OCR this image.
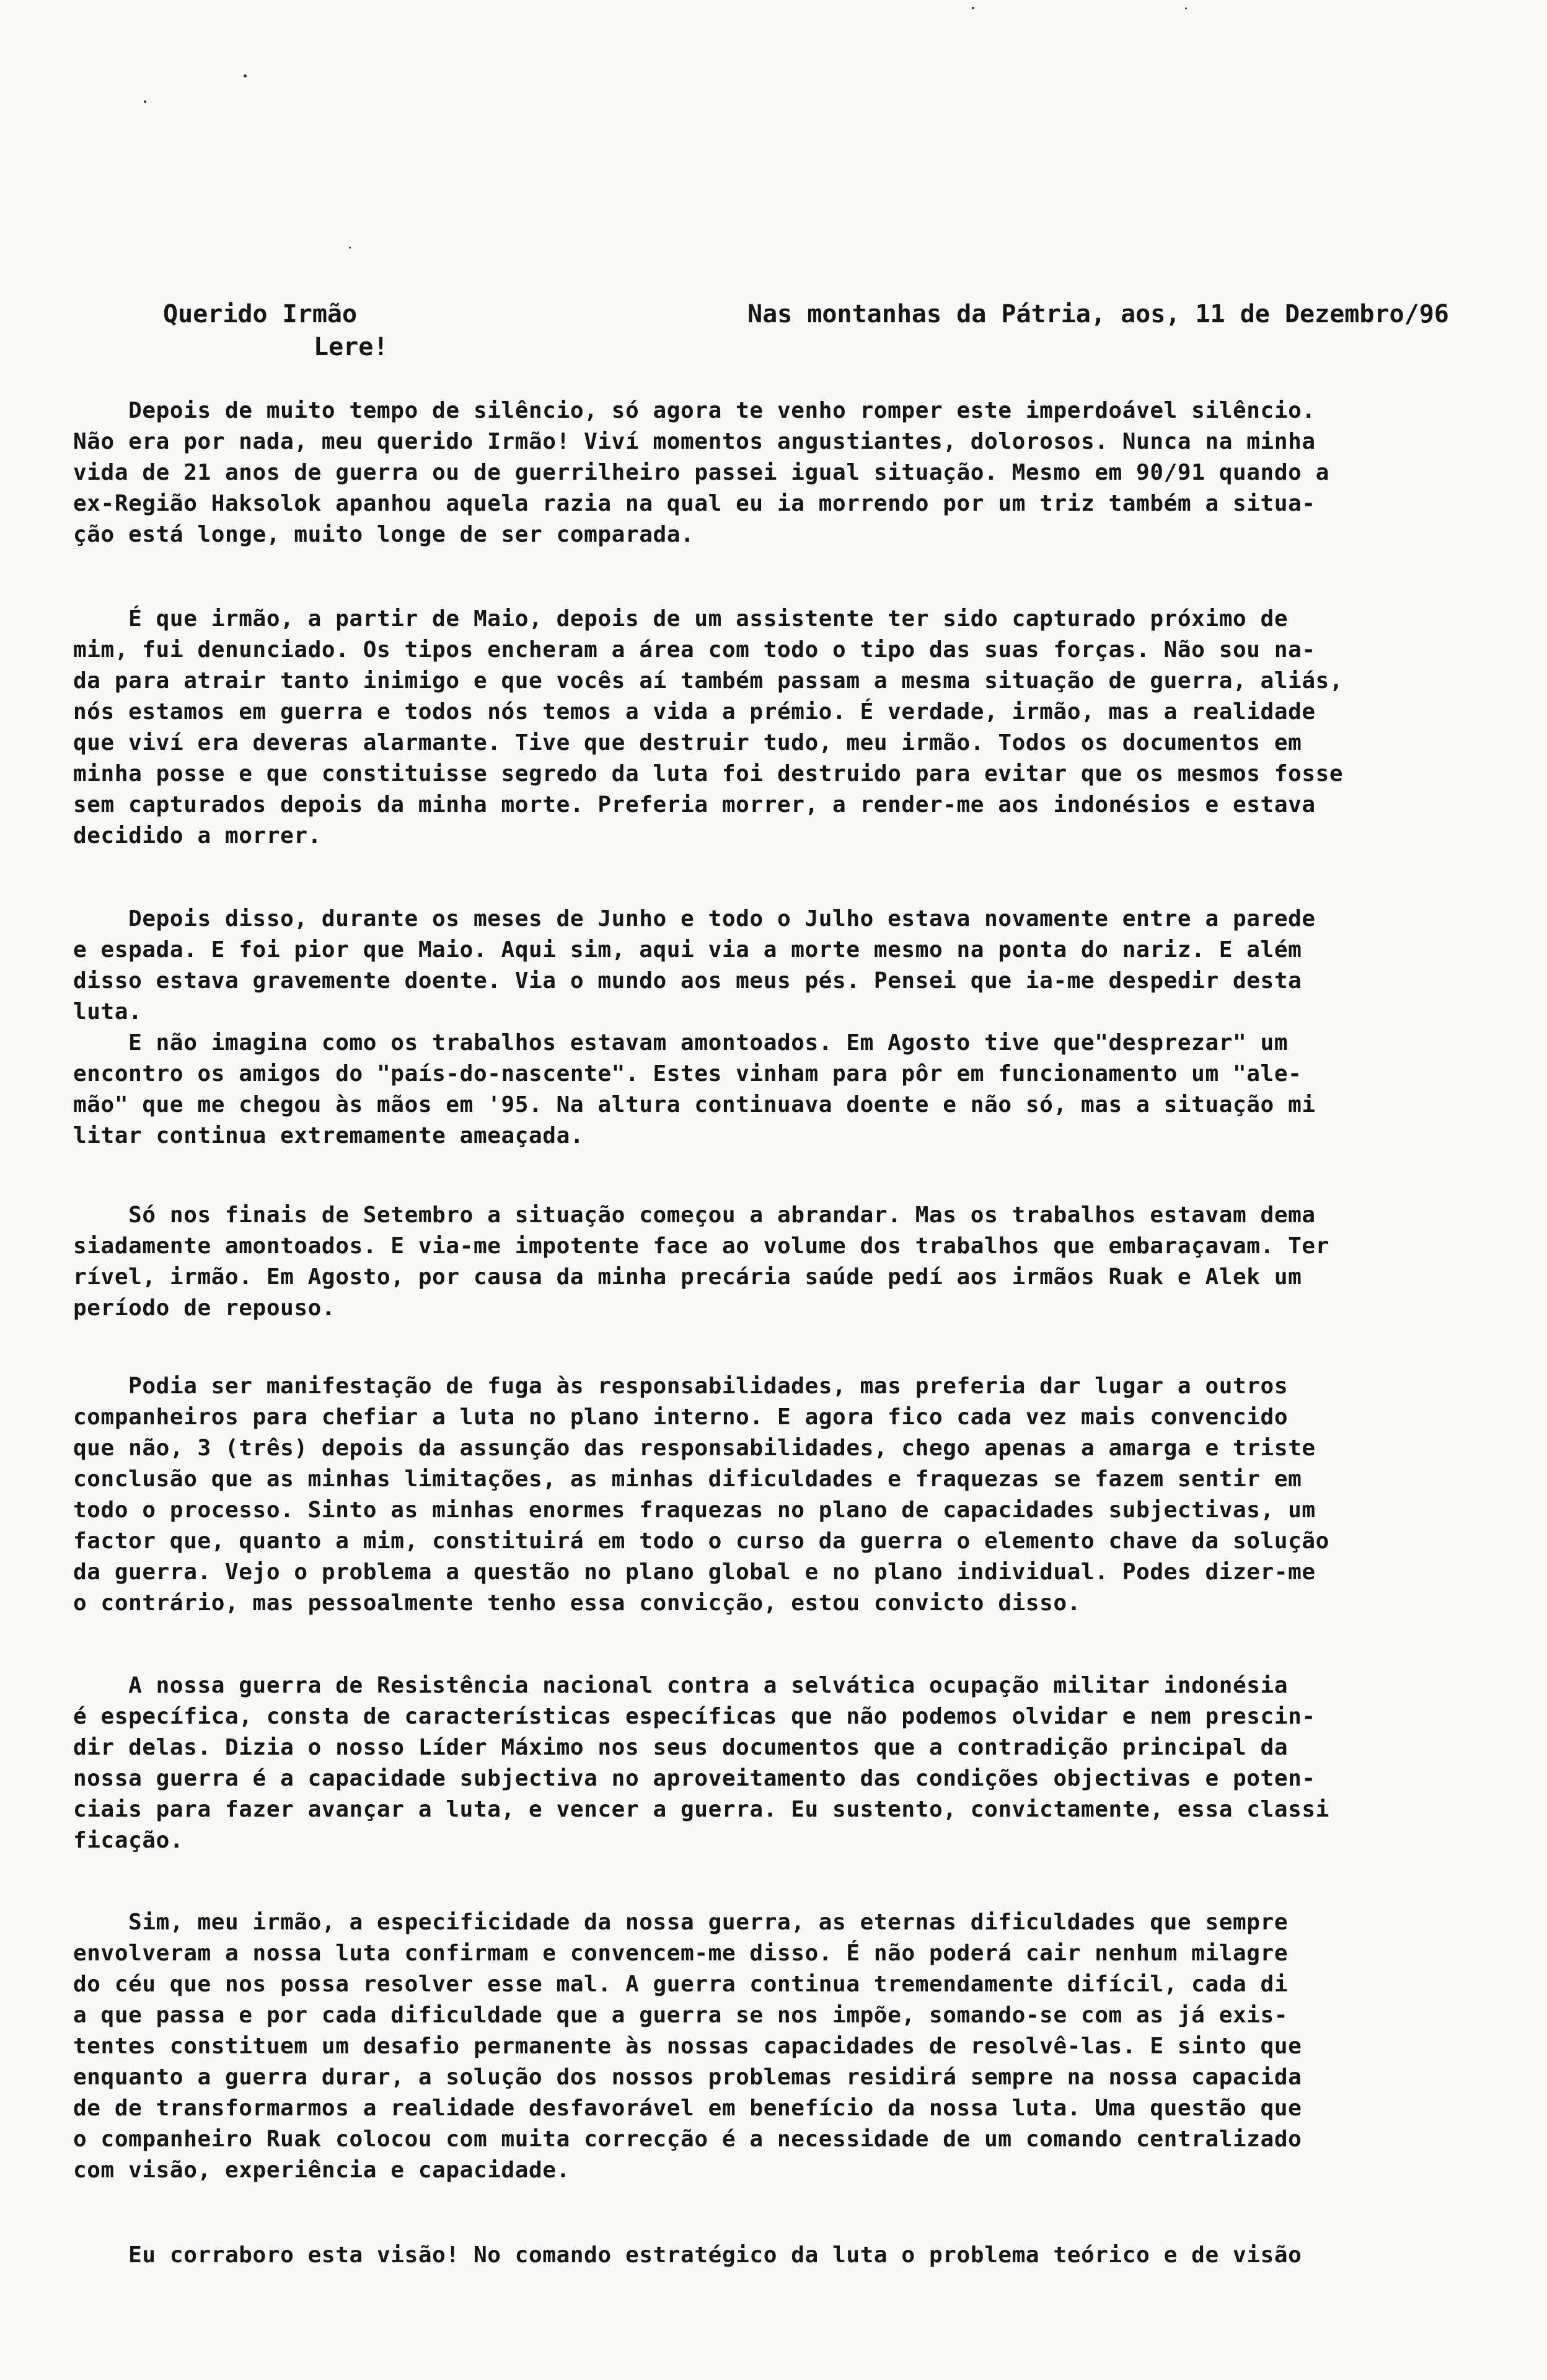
Querido Irmão
Lere!
Nas montanhas da Pátria, aos, 11 de Dezembro/96
Depois de muito tempo de silêncio, só agora te venho romper este imperdoável silêncio.
Não era por nada, meu querido Irmão! Viví momentos angustiantes, dolorosos. Nunca na minha
vida de 21 anos de guerra ou de guerrilheiro passei igual situação. Mesmo em 90/91 quando a
ex-Região Haksolok apanhou aquela razia na qual eu ia morrendo por um triz também a situa-
ção está longe, muito longe de ser comparada.
É que irmão, a partir de Maio, depois de um assistente ter sido capturado próximo de
mim, fui denunciado. Os tipos encheram a área com todo o tipo das suas forças. Não sou na-
da para atrair tanto inimigo e que vocês aí também passam a mesma situação de guerra, aliás,
nós estamos em guerra e todos nós temos a vida a prémio. É verdade, irmão, mas a realidade
que viví era deveras alarmante. Tive que destruir tudo, meu irmão. Todos os documentos em
minha posse e que constituisse segredo da luta foi destruido para evitar que os mesmos fosse
sem capturados depois da minha morte. Preferia morrer, a render-me aos indonésios e estava
decidido a morrer.
Depois disso, durante os meses de Junho e todo o Julho estava novamente entre a parede
e espada. E foi pior que Maio. Aqui sim, aqui via a morte mesmo na ponta do nariz. E além
disso estava gravemente doente. Via o mundo aos meus pés. Pensei que ia-me despedir desta
luta.
E não imagina como os trabalhos estavam amontoados. Em Agosto tive que"desprezar" um
encontro os amigos do "país-do-nascente". Estes vinham para pôr em funcionamento um "ale-
mão" que me chegou às mãos em '95. Na altura continuava doente e não só, mas a situação mi
litar continua extremamente ameaçada.
Só nos finais de Setembro a situação começou a abrandar. Mas os trabalhos estavam dema
siadamente amontoados. E via-me impotente face ao volume dos trabalhos que embaraçavam. Ter
rível, irmão. Em Agosto, por causa da minha precária saúde pedí aos irmãos Ruak e Alek um
período de repouso.
Podia ser manifestação de fuga às responsabilidades, mas preferia dar lugar a outros
companheiros para chefiar a luta no plano interno. E agora fico cada vez mais convencido
que não, 3 (três) depois da assunção das responsabilidades, chego apenas a amarga e triste
conclusão que as minhas limitações, as minhas dificuldades e fraquezas se fazem sentir em
todo o processo. Sinto as minhas enormes fraquezas no plano de capacidades subjectivas, um
factor que, quanto a mim, constituirá em todo o curso da guerra o elemento chave da solução
da guerra. Vejo o problema a questão no plano global e no plano individual. Podes dizer-me
o contrário, mas pessoalmente tenho essa convicção, estou convicto disso.
A nossa guerra de Resistência nacional contra a selvática ocupação militar indonésia
é específica, consta de características específicas que não podemos olvidar e nem prescin-
dir delas. Dizia o nosso Líder Máximo nos seus documentos que a contradição principal da
nossa guerra é a capacidade subjectiva no aproveitamento das condições objectivas e poten-
ciais para fazer avançar a luta, e vencer a guerra. Eu sustento, convictamente, essa classi
ficação.
Sim, meu irmão, a especificidade da nossa guerra, as eternas dificuldades que sempre
envolveram a nossa luta confirmam e convencem-me disso. É não poderá cair nenhum milagre
do céu que nos possa resolver esse mal. A guerra continua tremendamente difícil, cada di
a que passa e por cada dificuldade que a guerra se nos impõe, somando-se com as já exis-
tentes constituem um desafio permanente às nossas capacidades de resolvê-las. E sinto que
enquanto a guerra durar, a solução dos nossos problemas residirá sempre na nossa capacida
de de transformarmos a realidade desfavorável em benefício da nossa luta. Uma questão que
o companheiro Ruak colocou com muita correcção é a necessidade de um comando centralizado
com visão, experiência e capacidade.
Eu corraboro esta visão! No comando estratégico da luta o problema teórico e de visão
